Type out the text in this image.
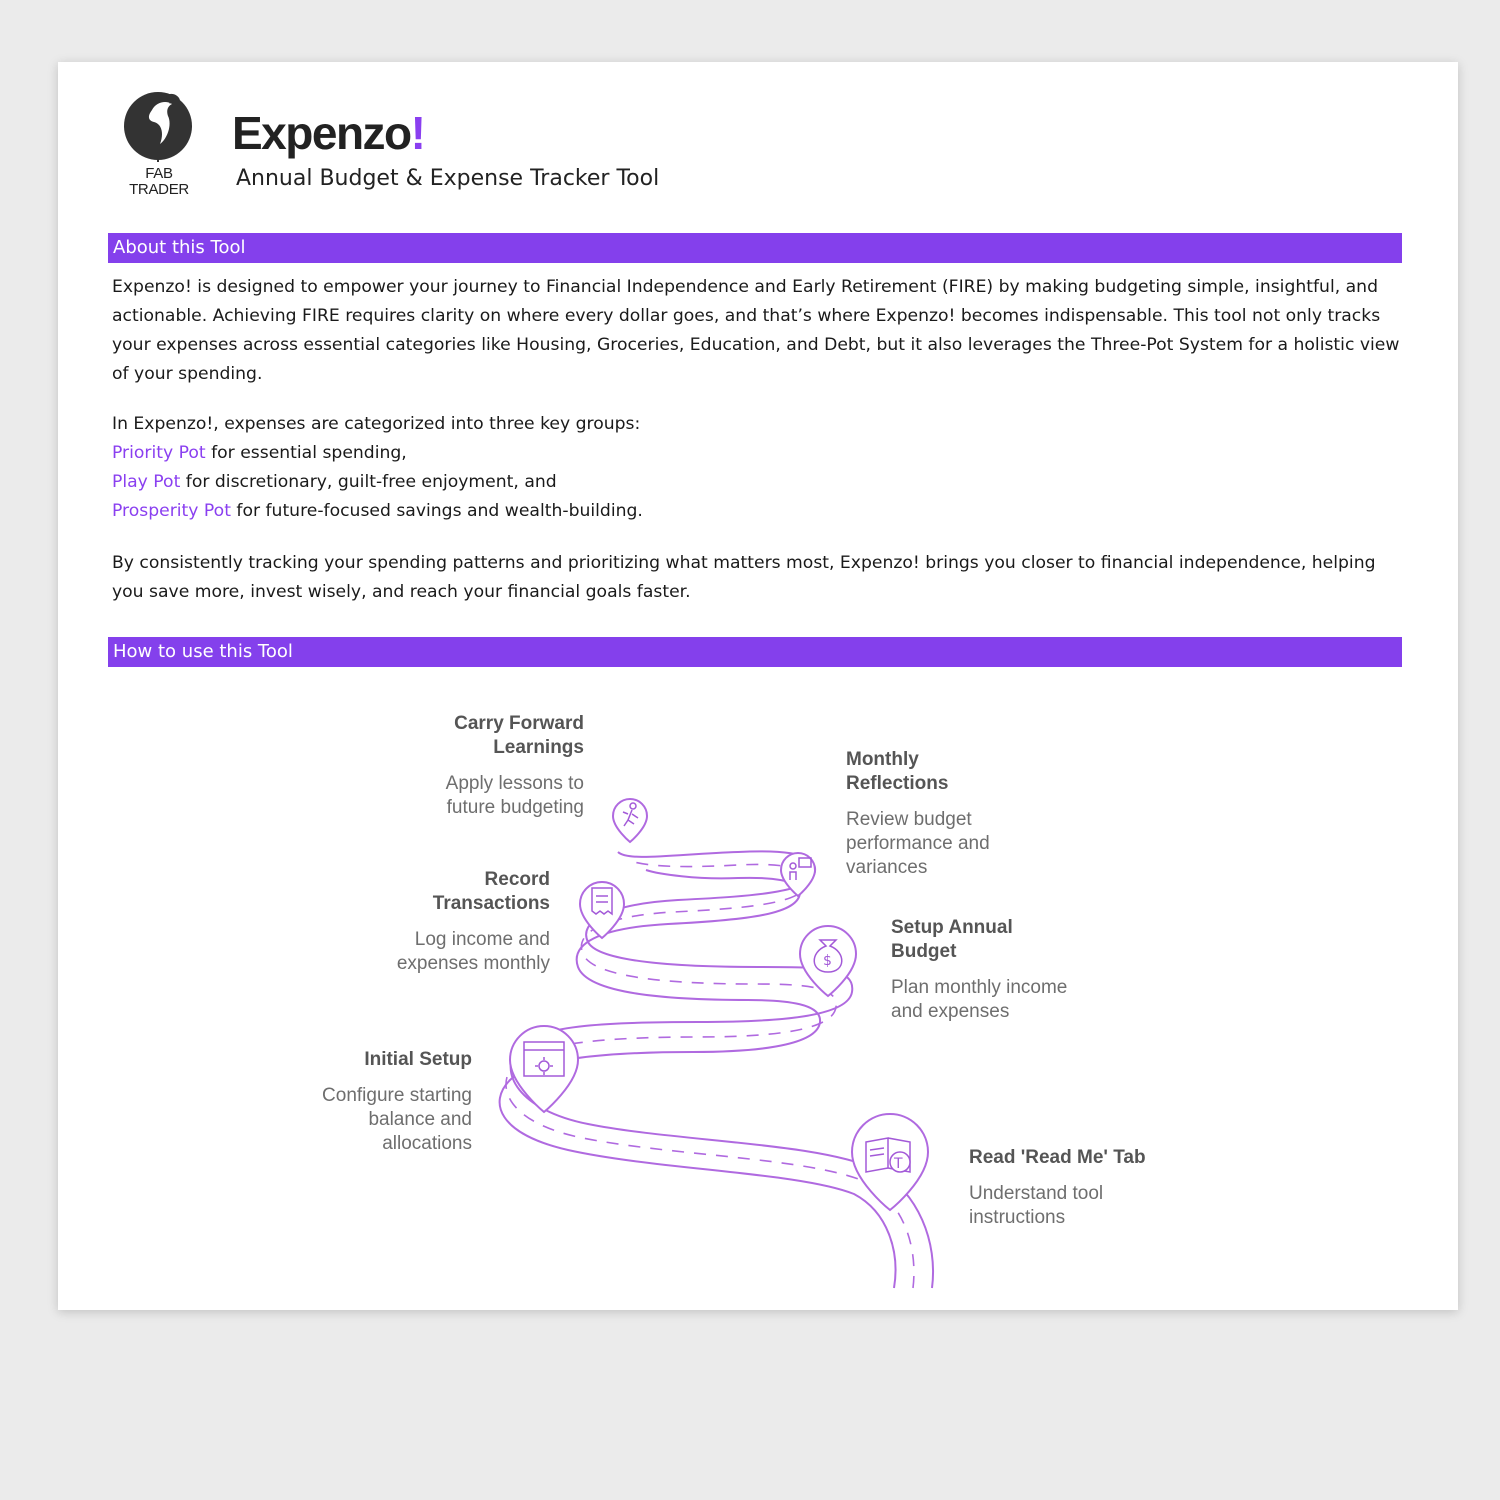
FAB
TRADER
Expenzo!
Annual Budget & Expense Tracker Tool
About this Tool

Expenzo! is designed to empower your journey to Financial Independence and Early Retirement (FIRE) by making budgeting simple, insightful, and actionable. Achieving FIRE requires clarity on where every dollar goes, and that’s where Expenzo! becomes indispensable. This tool not only tracks your expenses across essential categories like Housing, Groceries, Education, and Debt, but it also leverages the Three-Pot System for a holistic view of your spending.

In Expenzo!, expenses are categorized into three key groups:
Priority Pot for essential spending,
Play Pot for discretionary, guilt-free enjoyment, and
Prosperity Pot for future-focused savings and wealth-building.

By consistently tracking your spending patterns and prioritizing what matters most, Expenzo! brings you closer to financial independence, helping you save more, invest wisely, and reach your financial goals faster.

How to use this Tool
$
T
Carry Forward
Learnings
Apply lessons to
future budgeting
Monthly
Reflections
Review budget
performance and
variances
Record
Transactions
Log income and
expenses monthly
Setup Annual
Budget
Plan monthly income
and expenses
Initial Setup
Configure starting
balance and
allocations
Read 'Read Me' Tab
Understand tool
instructions
